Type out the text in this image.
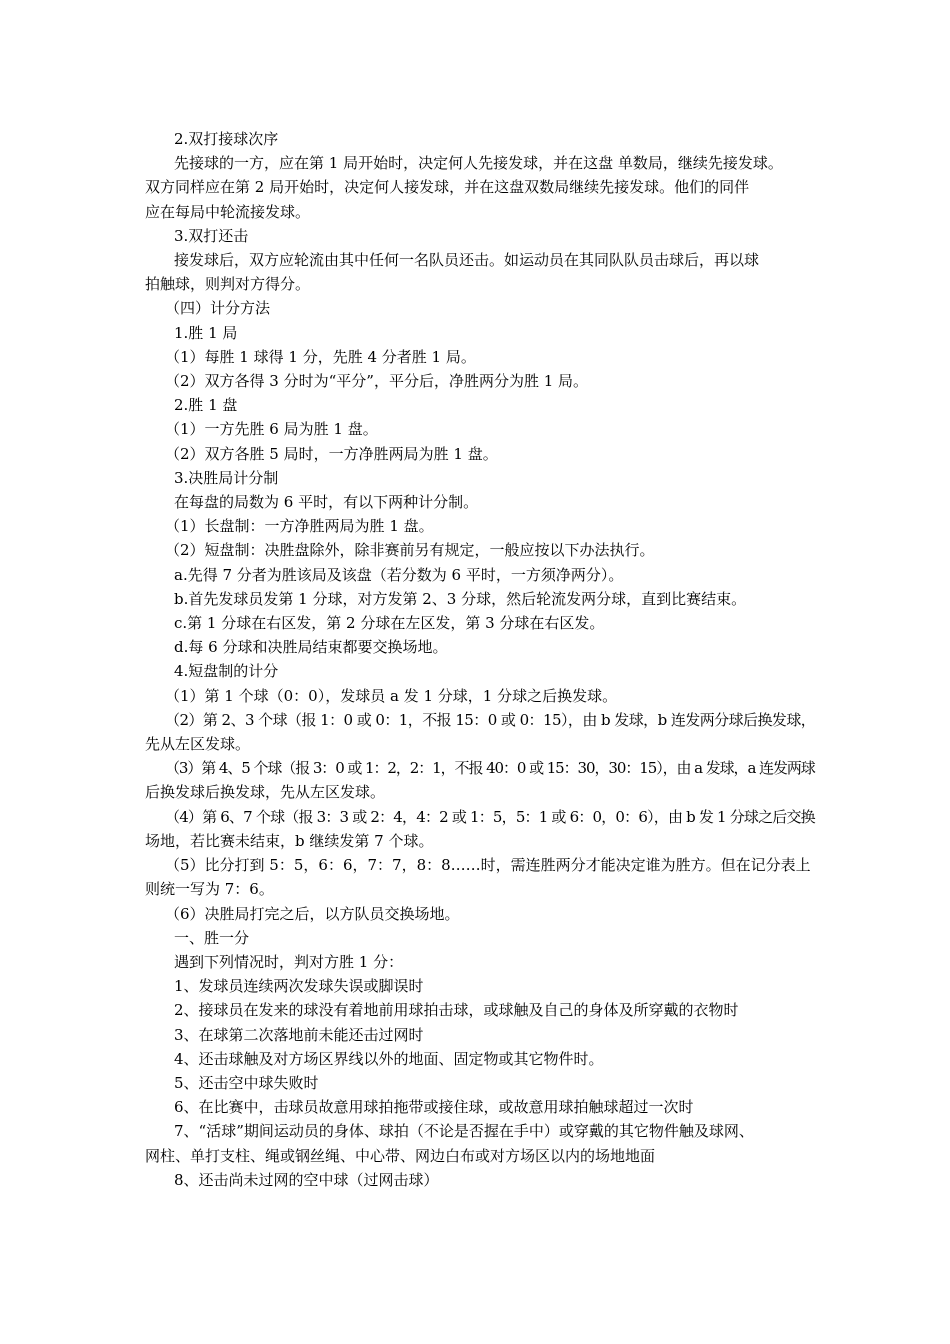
2.双打接球次序
先接球的一方，应在第 1 局开始时，决定何人先接发球，并在这盘 单数局，继续先接发球。
双方同样应在第 2 局开始时，决定何人接发球，并在这盘双数局继续先接发球。他们的同伴
应在每局中轮流接发球。
3.双打还击
接发球后，双方应轮流由其中任何一名队员还击。如运动员在其同队队员击球后，再以球
拍触球，则判对方得分。
（四）计分方法
1.胜 1 局
（1）每胜 1 球得 1 分，先胜 4 分者胜 1 局。
（2）双方各得 3 分时为“平分”，平分后，净胜两分为胜 1 局。
2.胜 1 盘
（1）一方先胜 6 局为胜 1 盘。
（2）双方各胜 5 局时，一方净胜两局为胜 1 盘。
3.决胜局计分制
在每盘的局数为 6 平时，有以下两种计分制。
（1）长盘制：一方净胜两局为胜 1 盘。
（2）短盘制：决胜盘除外，除非赛前另有规定，一般应按以下办法执行。
a.先得 7 分者为胜该局及该盘（若分数为 6 平时，一方须净两分）。
b.首先发球员发第 1 分球，对方发第 2、3 分球，然后轮流发两分球，直到比赛结束。
c.第 1 分球在右区发，第 2 分球在左区发，第 3 分球在右区发。
d.每 6 分球和决胜局结束都要交换场地。
4.短盘制的计分
（1）第 1 个球（0：0），发球员 a 发 1 分球，1 分球之后换发球。
（2）第 2、3 个球（报 1：0 或 0：1，不报 15：0 或 0：15），由 b 发球，b 连发两分球后换发球，
先从左区发球。
（3）第 4、5 个球（报 3：0 或 1：2，2：1，不报 40：0 或 15：30，30：15），由 a 发球，a 连发两球
后换发球后换发球，先从左区发球。
（4）第 6、7 个球（报 3：3 或 2：4，4：2 或 1：5，5：1 或 6：0，0：6），由 b 发 1 分球之后交换
场地，若比赛未结束，b 继续发第 7 个球。
（5）比分打到 5：5，6：6，7：7，8：8……时，需连胜两分才能决定谁为胜方。但在记分表上
则统一写为 7：6。
（6）决胜局打完之后，以方队员交换场地。
一、胜一分
遇到下列情况时，判对方胜 1 分：
1、发球员连续两次发球失误或脚误时
2、接球员在发来的球没有着地前用球拍击球，或球触及自己的身体及所穿戴的衣物时
3、在球第二次落地前未能还击过网时
4、还击球触及对方场区界线以外的地面、固定物或其它物件时。
5、还击空中球失败时
6、在比赛中，击球员故意用球拍拖带或接住球，或故意用球拍触球超过一次时
7、“活球”期间运动员的身体、球拍（不论是否握在手中）或穿戴的其它物件触及球网、
网柱、单打支柱、绳或钢丝绳、中心带、网边白布或对方场区以内的场地地面
8、还击尚未过网的空中球（过网击球）
